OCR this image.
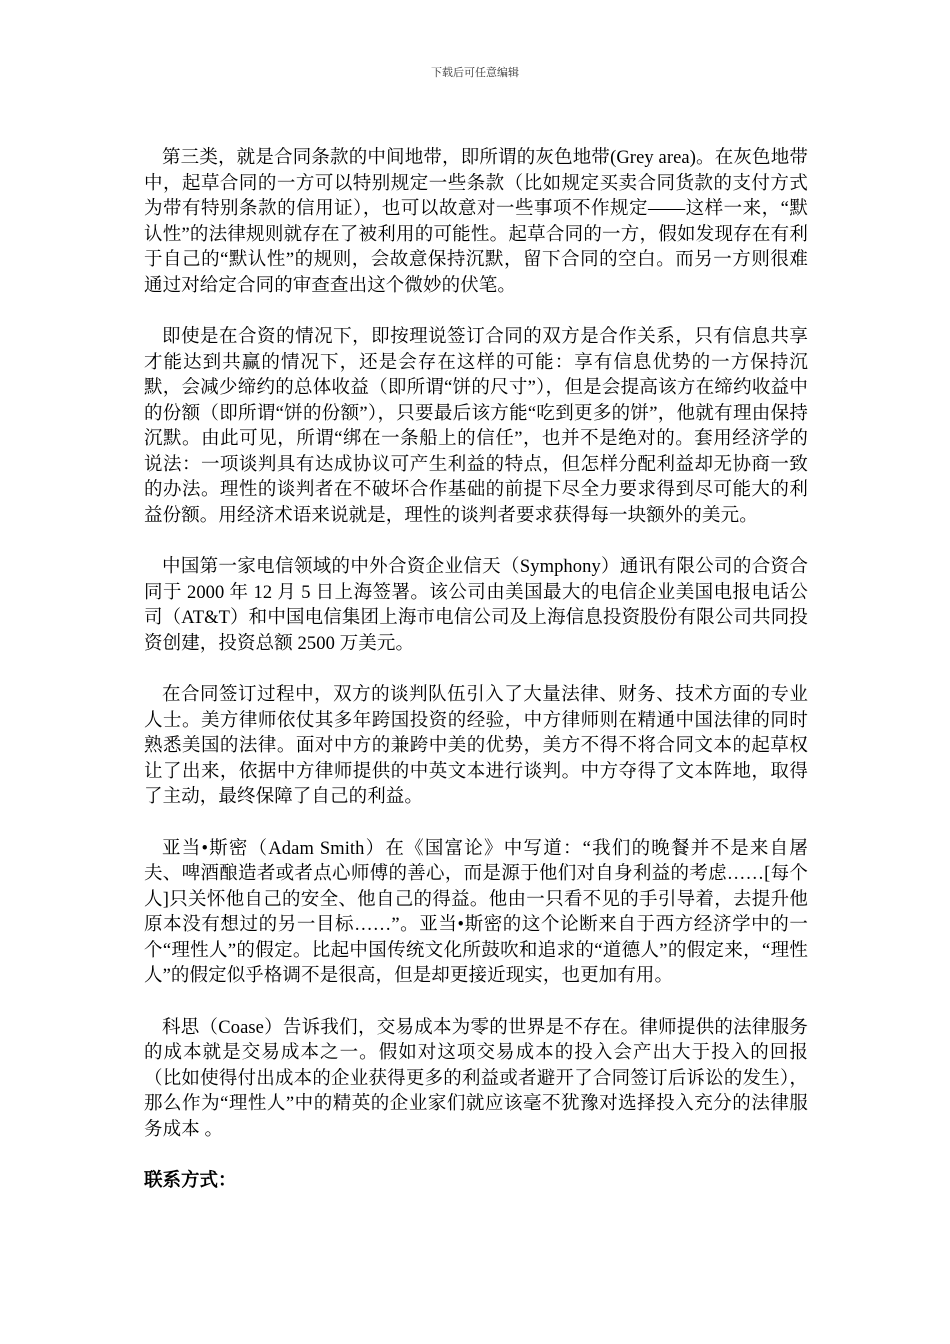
下载后可任意编辑

第三类，就是合同条款的中间地带，即所谓的灰色地带(Grey area)。在灰色地带中，起草合同的一方可以特别规定一些条款（比如规定买卖合同货款的支付方式为带有特别条款的信用证），也可以故意对一些事项不作规定——这样一来，“默认性”的法律规则就存在了被利用的可能性。起草合同的一方，假如发现存在有利于自己的“默认性”的规则，会故意保持沉默，留下合同的空白。而另一方则很难通过对给定合同的审查查出这个微妙的伏笔。

即使是在合资的情况下，即按理说签订合同的双方是合作关系，只有信息共享才能达到共赢的情况下，还是会存在这样的可能：享有信息优势的一方保持沉默，会减少缔约的总体收益（即所谓“饼的尺寸”），但是会提高该方在缔约收益中的份额（即所谓“饼的份额”），只要最后该方能“吃到更多的饼”，他就有理由保持沉默。由此可见，所谓“绑在一条船上的信任”，也并不是绝对的。套用经济学的说法：一项谈判具有达成协议可产生利益的特点，但怎样分配利益却无协商一致的办法。理性的谈判者在不破坏合作基础的前提下尽全力要求得到尽可能大的利益份额。用经济术语来说就是，理性的谈判者要求获得每一块额外的美元。

中国第一家电信领域的中外合资企业信天（Symphony）通讯有限公司的合资合同于 2000 年 12 月 5 日上海签署。该公司由美国最大的电信企业美国电报电话公司（AT&T）和中国电信集团上海市电信公司及上海信息投资股份有限公司共同投资创建，投资总额 2500 万美元。

在合同签订过程中，双方的谈判队伍引入了大量法律、财务、技术方面的专业人士。美方律师依仗其多年跨国投资的经验，中方律师则在精通中国法律的同时熟悉美国的法律。面对中方的兼跨中美的优势，美方不得不将合同文本的起草权让了出来，依据中方律师提供的中英文本进行谈判。中方夺得了文本阵地，取得了主动，最终保障了自己的利益。

亚当•斯密（Adam Smith）在《国富论》中写道：“我们的晚餐并不是来自屠夫、啤酒酿造者或者点心师傅的善心，而是源于他们对自身利益的考虑……[每个人]只关怀他自己的安全、他自己的得益。他由一只看不见的手引导着，去提升他原本没有想过的另一目标……”。亚当•斯密的这个论断来自于西方经济学中的一个“理性人”的假定。比起中国传统文化所鼓吹和追求的“道德人”的假定来，“理性人”的假定似乎格调不是很高，但是却更接近现实，也更加有用。

科思（Coase）告诉我们，交易成本为零的世界是不存在。律师提供的法律服务的成本就是交易成本之一。假如对这项交易成本的投入会产出大于投入的回报（比如使得付出成本的企业获得更多的利益或者避开了合同签订后诉讼的发生），那么作为“理性人”中的精英的企业家们就应该毫不犹豫对选择投入充分的法律服务成本 。

联系方式：
